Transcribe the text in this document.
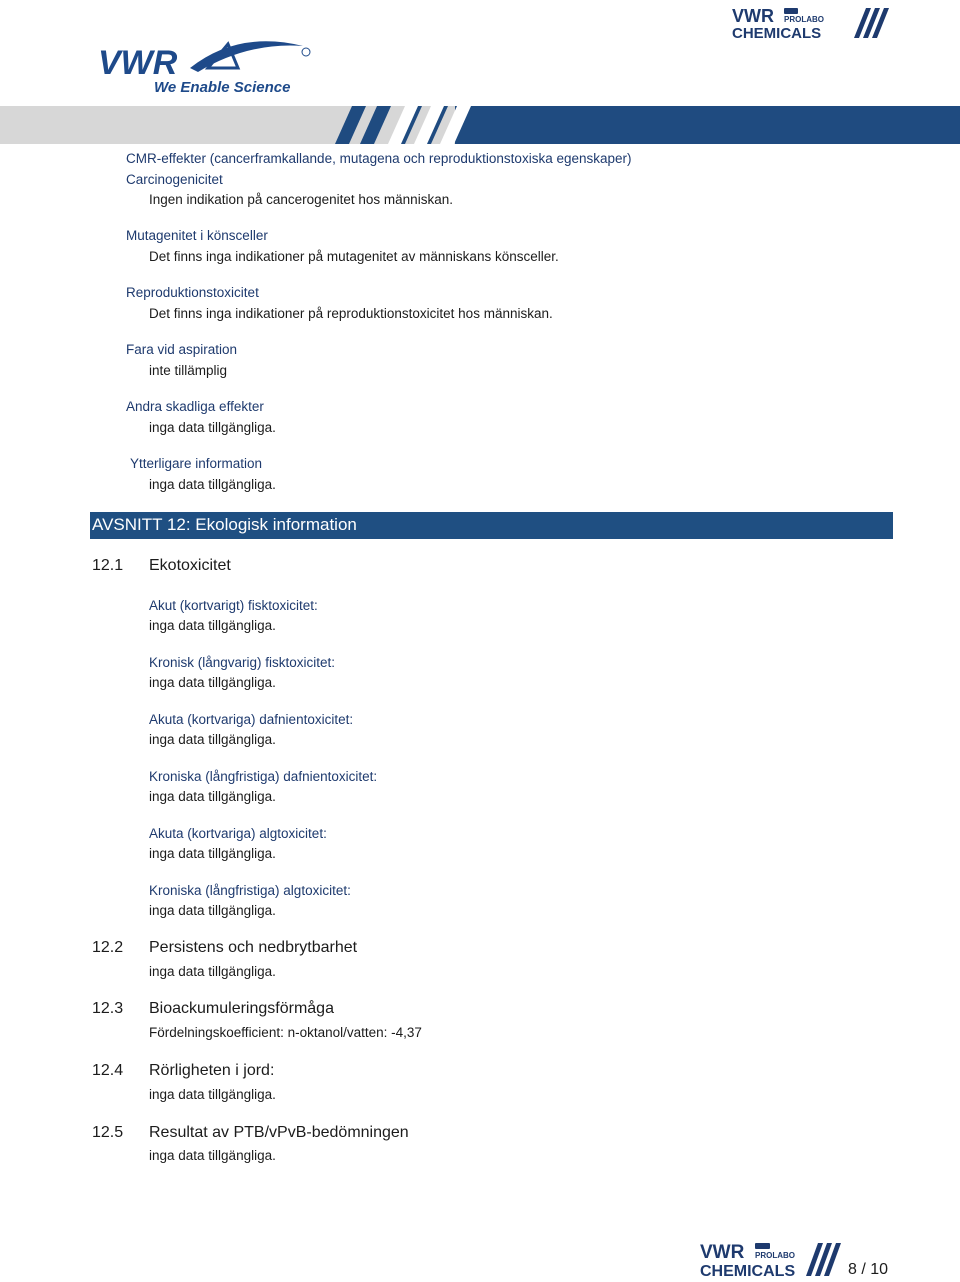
VWR PROLABO
CHEMICALS
VWR
We Enable Science
CMR-effekter (cancerframkallande, mutagena och reproduktionstoxiska egenskaper)
Carcinogenicitet
Ingen indikation på cancerogenitet hos människan.
Mutagenitet i könsceller
Det finns inga indikationer på mutagenitet av människans könsceller.
Reproduktionstoxicitet
Det finns inga indikationer på reproduktionstoxicitet hos människan.
Fara vid aspiration
inte tillämplig
Andra skadliga effekter
inga data tillgängliga.
Ytterligare information
inga data tillgängliga.
AVSNITT 12: Ekologisk information
12.1 Ekotoxicitet
Akut (kortvarigt) fisktoxicitet:
inga data tillgängliga.
Kronisk (långvarig) fisktoxicitet:
inga data tillgängliga.
Akuta (kortvariga) dafnientoxicitet:
inga data tillgängliga.
Kroniska (långfristiga) dafnientoxicitet:
inga data tillgängliga.
Akuta (kortvariga) algtoxicitet:
inga data tillgängliga.
Kroniska (långfristiga) algtoxicitet:
inga data tillgängliga.
12.2 Persistens och nedbrytbarhet
inga data tillgängliga.
12.3 Bioackumuleringsförmåga
Fördelningskoefficient: n-oktanol/vatten: -4,37
12.4 Rörligheten i jord:
inga data tillgängliga.
12.5 Resultat av PTB/vPvB-bedömningen
inga data tillgängliga.
VWR PROLABO
CHEMICALS	8 / 10
